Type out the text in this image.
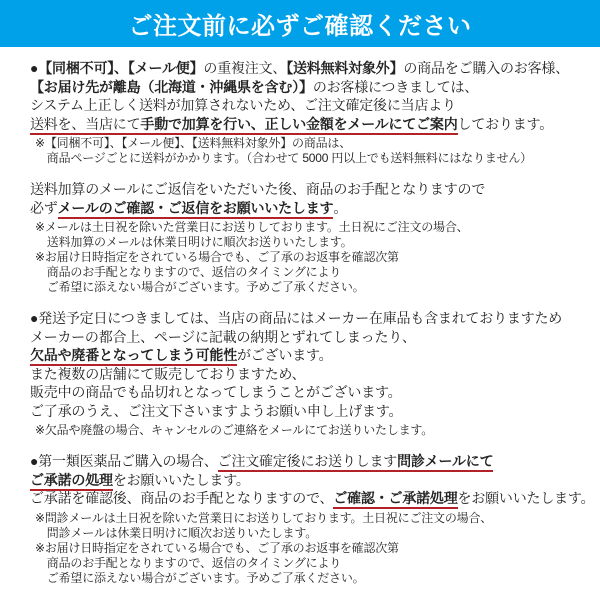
ご注文前に必ずご確認ください
●【同梱不可】、【メール便】の重複注文、【送料無料対象外】の商品をご購入のお客様、
【お届け先が離島（北海道・沖縄県を含む）】のお客様につきましては、
システム上正しく送料が加算されないため、ご注文確定後に当店より
送料を、当店にて手動で加算を行い、正しい金額をメールにてご案内しております。
※【同梱不可】、【メール便】、【送料無料対象外】の商品は、
　商品ページごとに送料がかかります。（合わせて 5000 円以上でも送料無料にはなりません）
送料加算のメールにご返信をいただいた後、商品のお手配となりますので
必ずメールのご確認・ご返信をお願いいたします。
※メールは土日祝を除いた営業日にお送りしております。土日祝にご注文の場合、
　送料加算のメールは休業日明けに順次お送りいたします。
※お届け日時指定をされている場合でも、ご了承のお返事を確認次第
　商品のお手配となりますので、返信のタイミングにより
　ご希望に添えない場合がございます。予めご了承ください。
●発送予定日につきましては、当店の商品にはメーカー在庫品も含まれておりますため
メーカーの都合上、ページに記載の納期とずれてしまったり、
欠品や廃番となってしまう可能性がございます。
また複数の店舗にて販売しておりますため、
販売中の商品でも品切れとなってしまうことがございます。
ご了承のうえ、ご注文下さいますようお願い申し上げます。
※欠品や廃盤の場合、キャンセルのご連絡をメールにてお送りいたします。
●第一類医薬品ご購入の場合、ご注文確定後にお送りします問診メールにて
ご承諾の処理をお願いいたします。
ご承諾を確認後、商品のお手配となりますので、ご確認・ご承諾処理をお願いいたします。
※問診メールは土日祝を除いた営業日にお送りしております。土日祝にご注文の場合、
　問診メールは休業日明けに順次お送りいたします。
※お届け日時指定をされている場合でも、ご了承のお返事を確認次第
　商品のお手配となりますので、返信のタイミングにより
　ご希望に添えない場合がございます。予めご了承ください。
